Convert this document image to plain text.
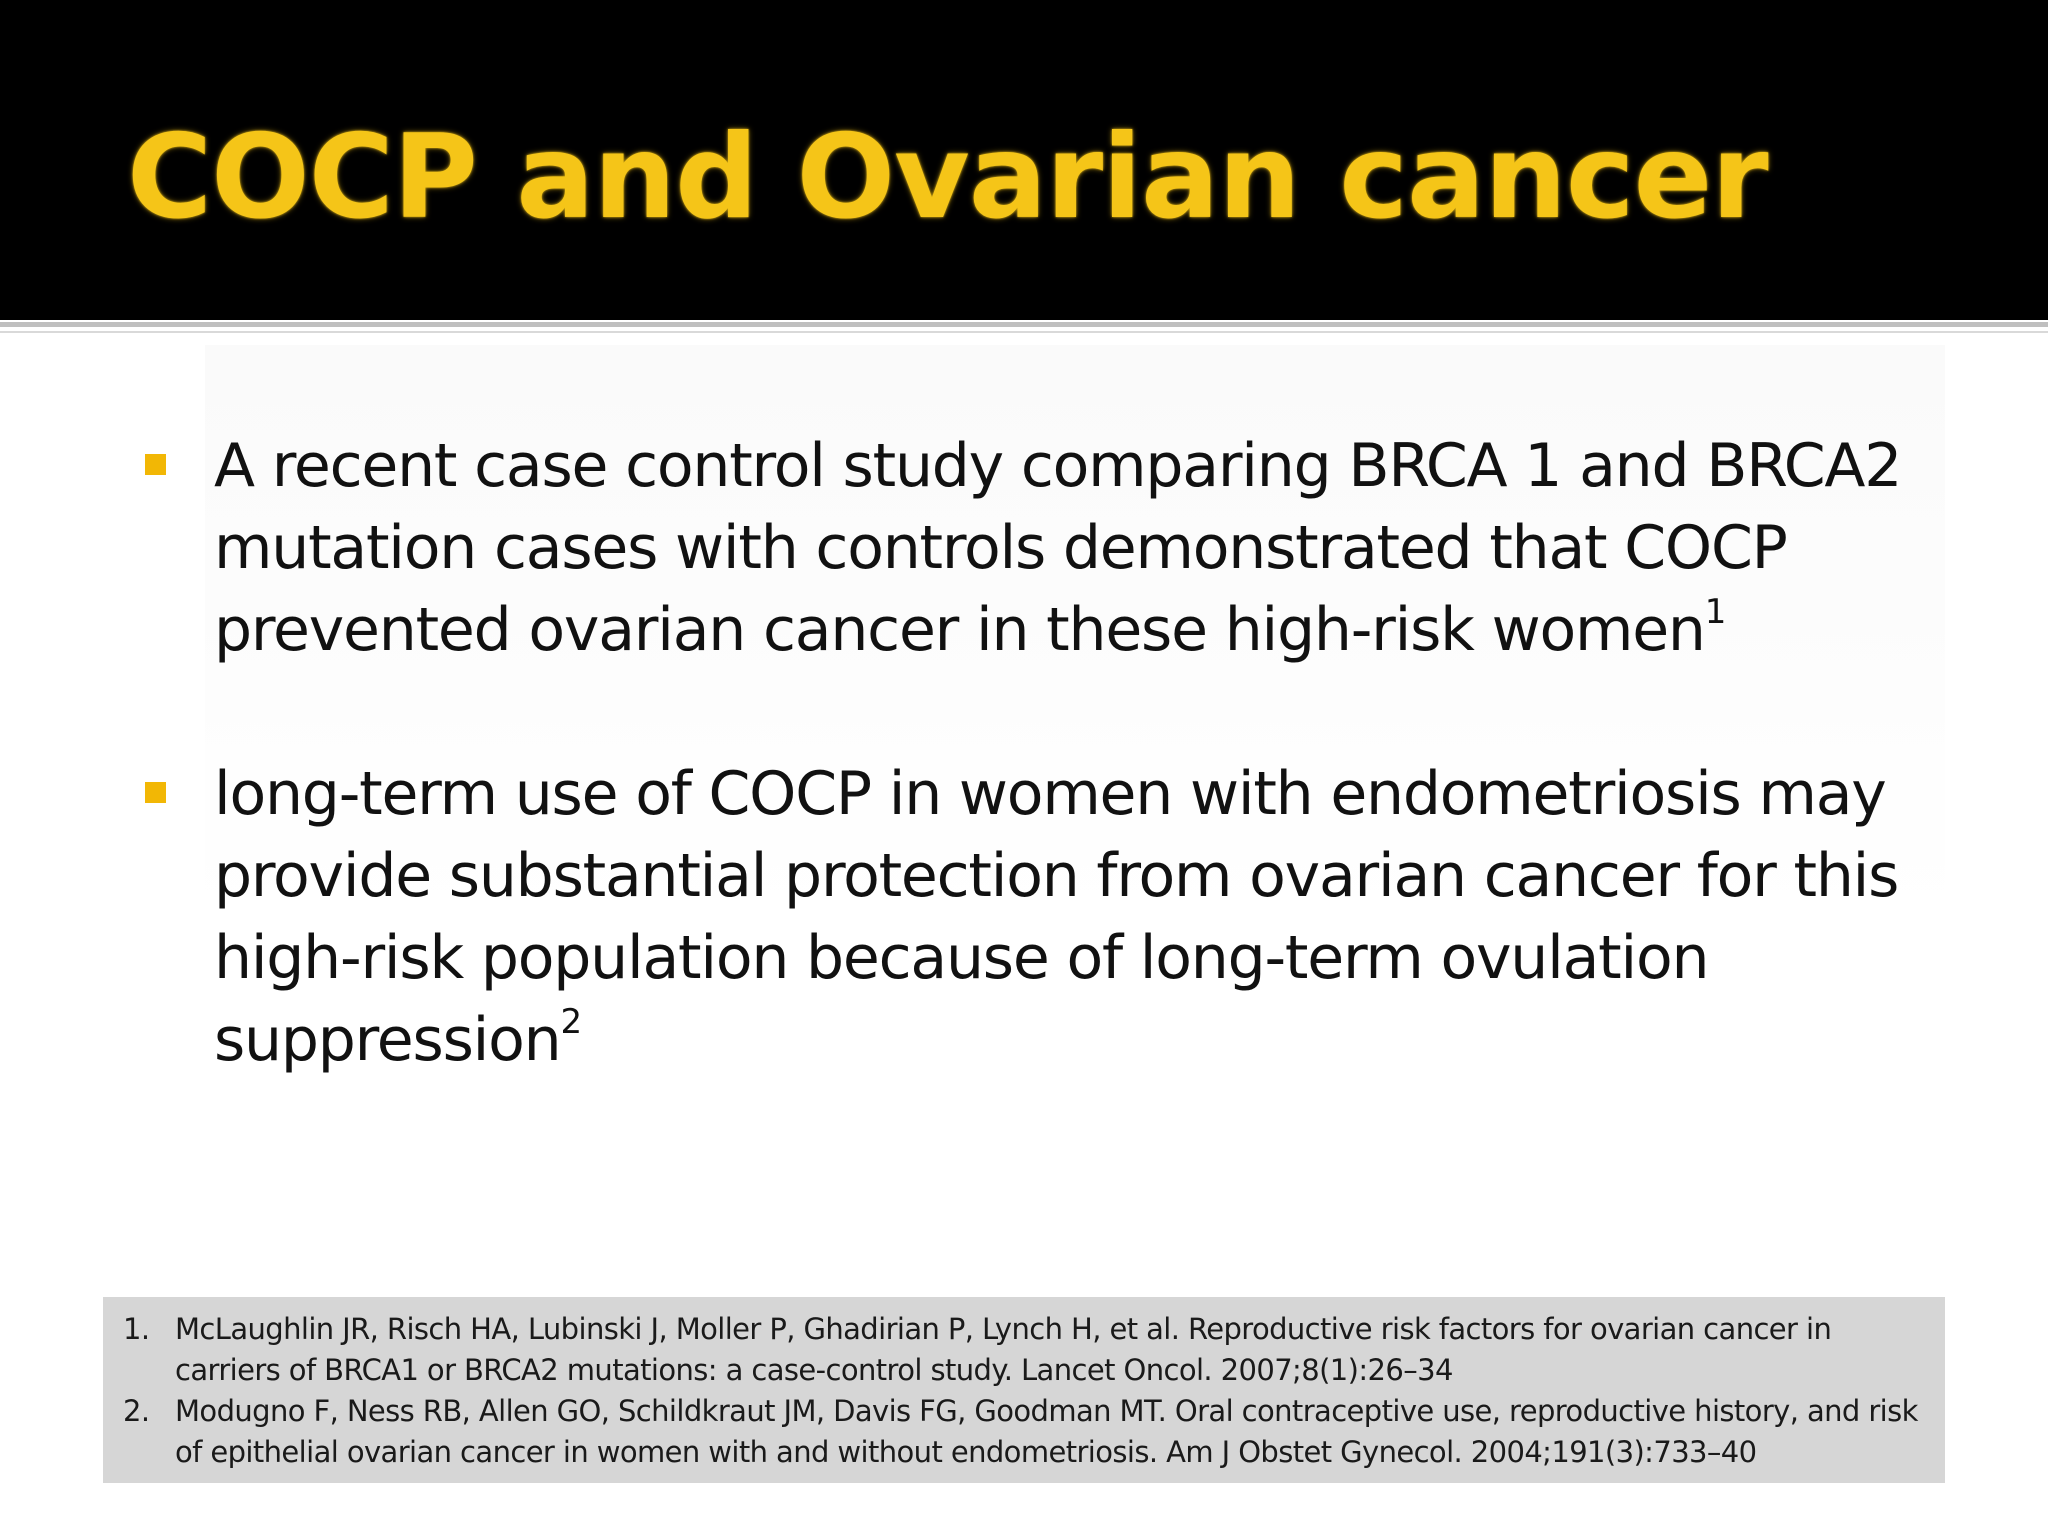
COCP and Ovarian cancer

A recent case control study comparing BRCA 1 and BRCA2 mutation cases with controls demonstrated that COCP prevented ovarian cancer in these high-risk women$^1$

long-term use of COCP in women with endometriosis may provide substantial protection from ovarian cancer for this high-risk population because of long-term ovulation suppression$^2$

1. McLaughlin JR, Risch HA, Lubinski J, Moller P, Ghadirian P, Lynch H, et al. Reproductive risk factors for ovarian cancer in carriers of BRCA1 or BRCA2 mutations: a case-control study. Lancet Oncol. 2007;8(1):26–34

2. Modugno F, Ness RB, Allen GO, Schildkraut JM, Davis FG, Goodman MT. Oral contraceptive use, reproductive history, and risk of epithelial ovarian cancer in women with and without endometriosis. Am J Obstet Gynecol. 2004;191(3):733–40
